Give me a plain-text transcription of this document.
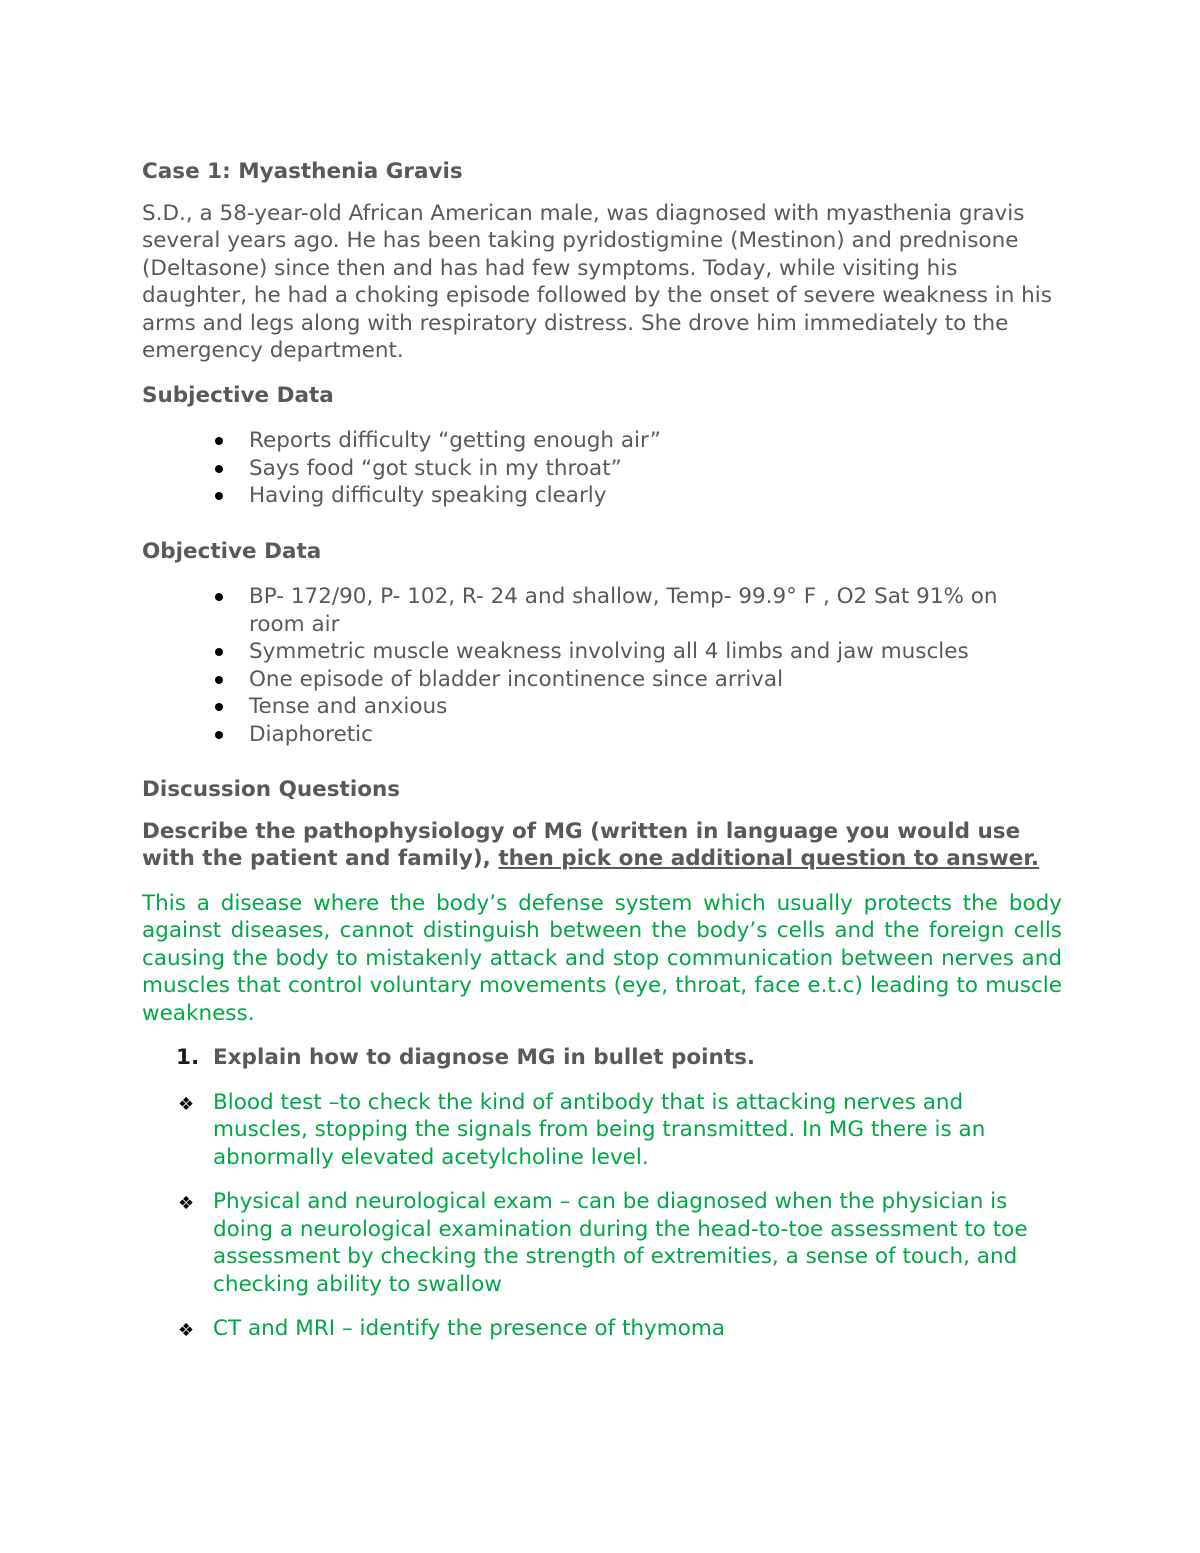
Case 1: Myasthenia Gravis
S.D., a 58-year-old African American male, was diagnosed with myasthenia gravis several years ago. He has been taking pyridostigmine (Mestinon) and prednisone (Deltasone) since then and has had few symptoms. Today, while visiting his daughter, he had a choking episode followed by the onset of severe weakness in his arms and legs along with respiratory distress. She drove him immediately to the emergency department.
Subjective Data
Reports difficulty “getting enough air”
Says food “got stuck in my throat”
Having difficulty speaking clearly
Objective Data
BP- 172/90, P- 102, R- 24 and shallow, Temp- 99.9° F , O2 Sat 91% on room air
Symmetric muscle weakness involving all 4 limbs and jaw muscles
One episode of bladder incontinence since arrival
Tense and anxious
Diaphoretic
Discussion Questions
Describe the pathophysiology of MG (written in language you would use with the patient and family), then pick one additional question to answer.
This a disease where the body’s defense system which usually protects the body against diseases, cannot distinguish between the body’s cells and the foreign cells causing the body to mistakenly attack and stop communication between nerves and muscles that control voluntary movements (eye, throat, face e.t.c) leading to muscle weakness.
1. Explain how to diagnose MG in bullet points.
❖ Blood test –to check the kind of antibody that is attacking nerves and muscles, stopping the signals from being transmitted. In MG there is an abnormally elevated acetylcholine level.
❖ Physical and neurological exam – can be diagnosed when the physician is doing a neurological examination during the head-to-toe assessment to toe assessment by checking the strength of extremities, a sense of touch, and checking ability to swallow
❖ CT and MRI – identify the presence of thymoma
